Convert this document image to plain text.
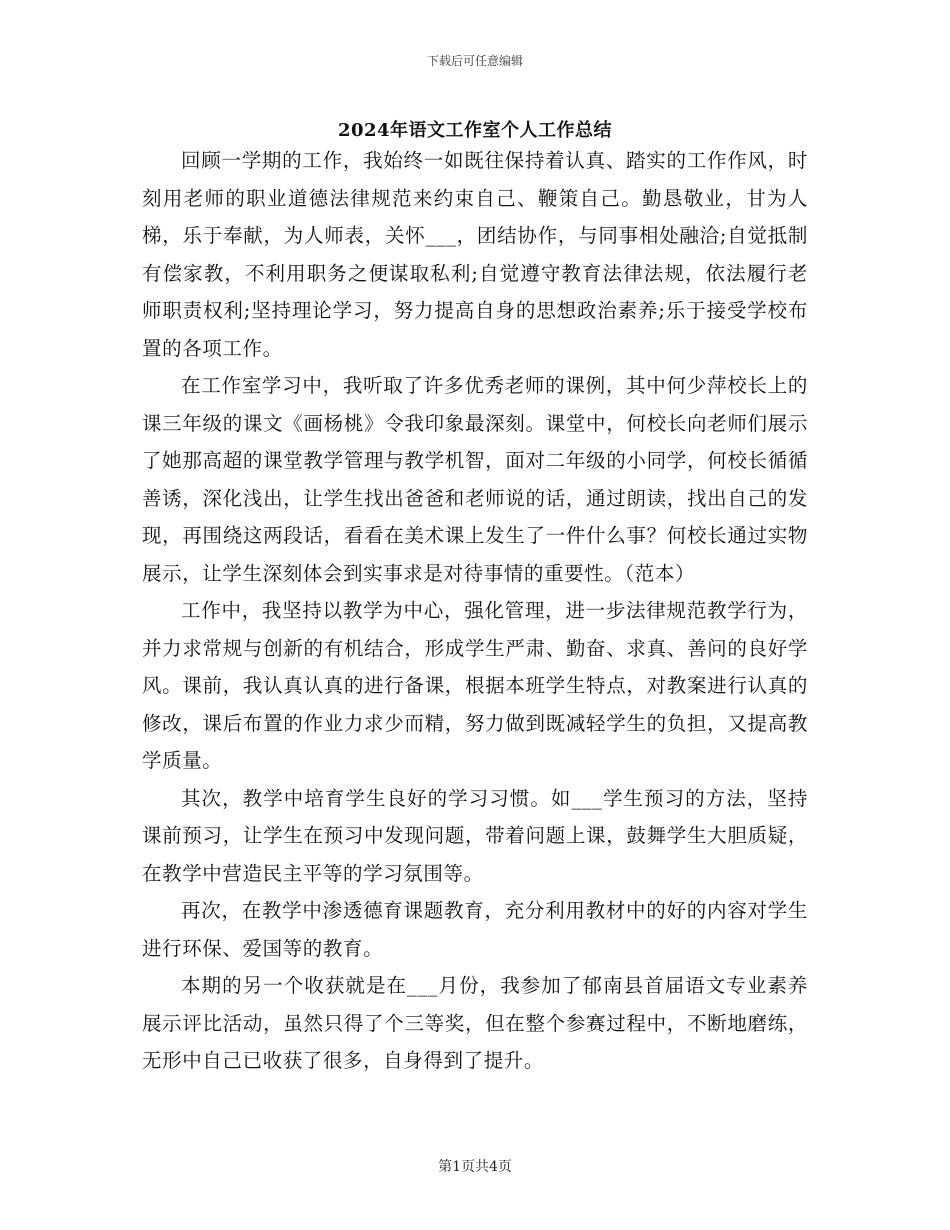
下载后可任意编辑
2024年语文工作室个人工作总结

回顾一学期的工作，我始终一如既往保持着认真、踏实的工作作风，时刻用老师的职业道德法律规范来约束自己、鞭策自己。勤恳敬业，甘为人梯，乐于奉献，为人师表，关怀___，团结协作，与同事相处融洽;自觉抵制有偿家教，不利用职务之便谋取私利;自觉遵守教育法律法规，依法履行老师职责权利;坚持理论学习，努力提高自身的思想政治素养;乐于接受学校布置的各项工作。

在工作室学习中，我听取了许多优秀老师的课例，其中何少萍校长上的课三年级的课文《画杨桃》令我印象最深刻。课堂中，何校长向老师们展示了她那高超的课堂教学管理与教学机智，面对二年级的小同学，何校长循循善诱，深化浅出，让学生找出爸爸和老师说的话，通过朗读，找出自己的发现，再围绕这两段话，看看在美术课上发生了一件什么事？何校长通过实物展示，让学生深刻体会到实事求是对待事情的重要性。（范本）

工作中，我坚持以教学为中心，强化管理，进一步法律规范教学行为，并力求常规与创新的有机结合，形成学生严肃、勤奋、求真、善问的良好学风。课前，我认真认真的进行备课，根据本班学生特点，对教案进行认真的修改，课后布置的作业力求少而精，努力做到既减轻学生的负担，又提高教学质量。

其次，教学中培育学生良好的学习习惯。如___学生预习的方法，坚持课前预习，让学生在预习中发现问题，带着问题上课，鼓舞学生大胆质疑，在教学中营造民主平等的学习氛围等。

再次，在教学中渗透德育课题教育，充分利用教材中的好的内容对学生进行环保、爱国等的教育。

本期的另一个收获就是在___月份，我参加了郁南县首届语文专业素养展示评比活动，虽然只得了个三等奖，但在整个参赛过程中，不断地磨练，无形中自己已收获了很多，自身得到了提升。

第1页共4页
